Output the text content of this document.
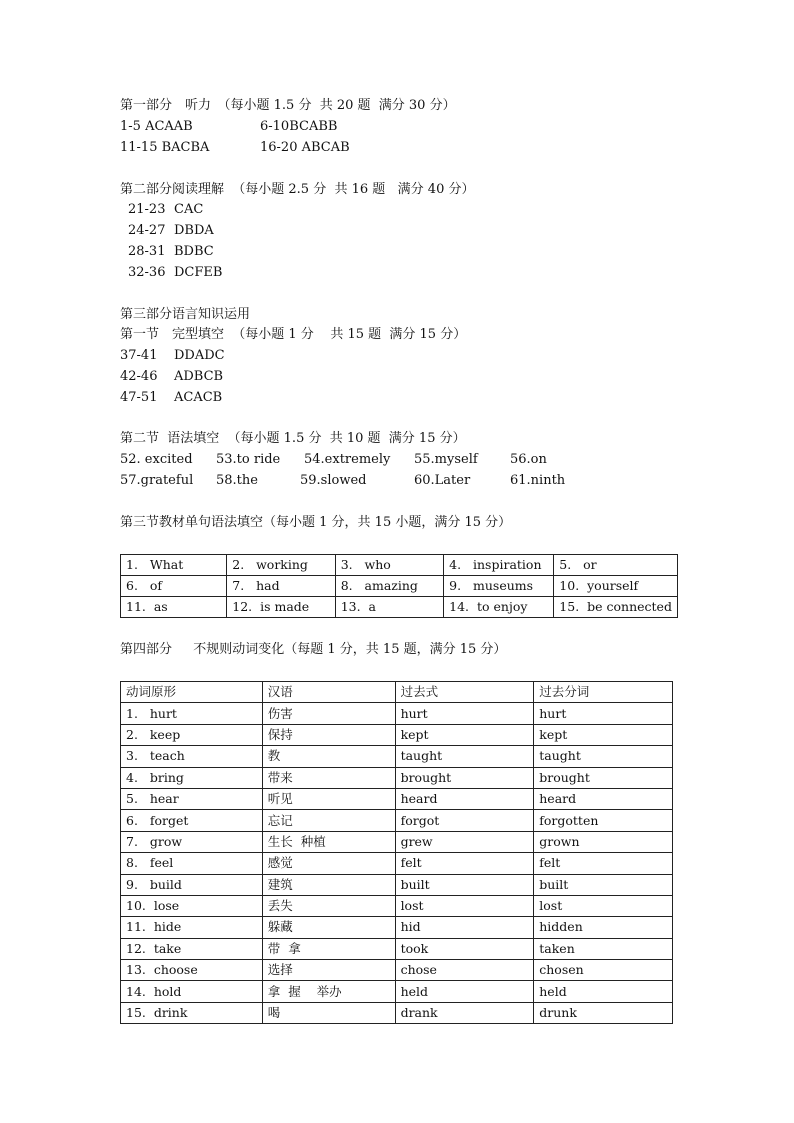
第一部分　听力　（每小题 1.5 分  共 20 题  满分 30 分）
1-5 ACAAB	6-10BCABB
11-15 BACBA	16-20 ABCAB
第二部分阅读理解  （每小题 2.5 分  共 16 题   满分 40 分）
21-23 CAC
24-27 DBDA
28-31 BDBC
32-36 DCFEB
第三部分语言知识运用
第一节　完型填空  （每小题 1 分    共 15 题  满分 15 分）
37-41 DDADC
42-46 ADBCB
47-51 ACACB
第二节  语法填空  （每小题 1.5 分  共 10 题  满分 15 分）
52. excited 53.to ride 54.extremely 55.myself 56.on
57.grateful 58.the	59.slowed	60.Later	61.ninth
第三节教材单句语法填空（每小题 1 分，共 15 小题，满分 15 分）
1.   What	2.   working	3.   who	4.   inspiration	5.   or
6.   of	7.   had	8.   amazing	9.   museums	10.  yourself
11.  as	12.  is made	13.  a	14.  to enjoy	15.  be connected
第四部分　  不规则动词变化（每题 1 分，共 15 题，满分 15 分）
动词原形	汉语	过去式	过去分词
1.   hurt	伤害	hurt	hurt
2.   keep	保持	kept	kept
3.   teach	教	taught	taught
4.   bring	带来	brought	brought
5.   hear	听见	heard	heard
6.   forget	忘记	forgot	forgotten
7.   grow	生长  种植	grew	grown
8.   feel	感觉	felt	felt
9.   build	建筑	built	built
10.  lose	丢失	lost	lost
11.  hide	躲藏	hid	hidden
12.  take	带  拿	took	taken
13.  choose	选择	chose	chosen
14.  hold	拿  握    举办	held	held
15.  drink	喝	drank	drunk
